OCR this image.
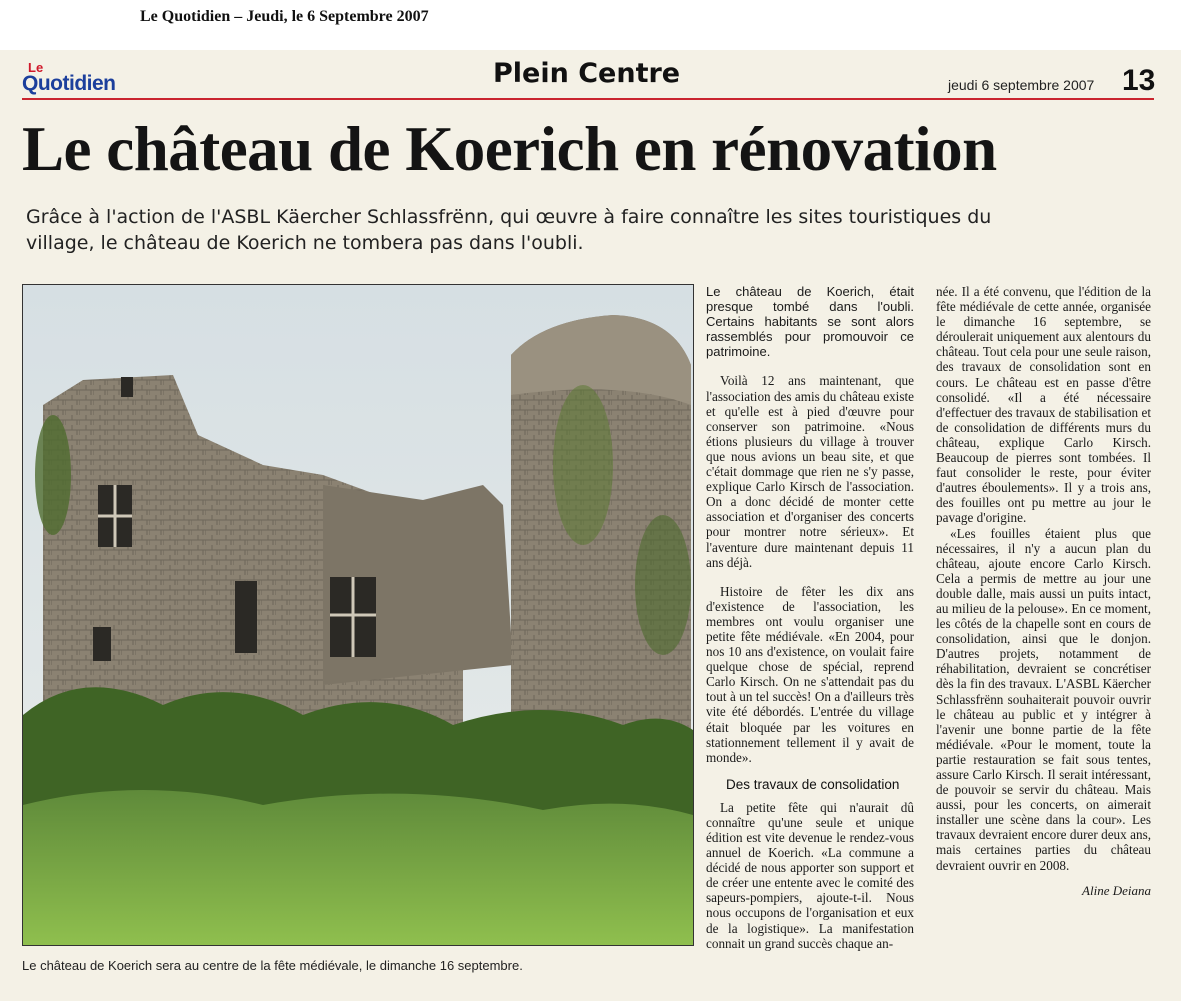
Le Quotidien – Jeudi, le 6 Septembre 2007
Le
Quotidien	Plein Centre	jeudi 6 septembre 2007 13
Le château de Koerich en rénovation

Grâce à l'action de l'ASBL Käercher Schlassfrënn, qui œuvre à faire connaître les sites touristiques du village, le château de Koerich ne tombera pas dans l'oubli.

Le château de Koerich sera au centre de la fête médiévale, le dimanche 16 septembre.

Le château de Koerich, était presque tombé dans l'oubli. Certains habitants se sont alors rassemblés pour promouvoir ce patrimoine.

Voilà 12 ans maintenant, que l'association des amis du château existe et qu'elle est à pied d'œuvre pour conserver son patrimoine. «Nous étions plusieurs du village à trouver que nous avions un beau site, et que c'était dommage que rien ne s'y passe, explique Carlo Kirsch de l'association. On a donc décidé de monter cette association et d'organiser des concerts pour montrer notre sérieux». Et l'aventure dure maintenant depuis 11 ans déjà.

Histoire de fêter les dix ans d'existence de l'association, les membres ont voulu organiser une petite fête médiévale. «En 2004, pour nos 10 ans d'existence, on voulait faire quelque chose de spécial, reprend Carlo Kirsch. On ne s'attendait pas du tout à un tel succès! On a d'ailleurs très vite été débordés. L'entrée du village était bloquée par les voitures en stationnement tellement il y avait de monde».

Des travaux de consolidation

La petite fête qui n'aurait dû connaître qu'une seule et unique édition est vite devenue le rendez-vous annuel de Koerich. «La commune a décidé de nous apporter son support et de créer une entente avec le comité des sapeurs-pompiers, ajoute-t-il. Nous nous occupons de l'organisation et eux de la logistique». La manifestation connait un grand succès chaque an-

née. Il a été convenu, que l'édition de la fête médiévale de cette année, organisée le dimanche 16 septembre, se déroulerait uniquement aux alentours du château. Tout cela pour une seule raison, des travaux de consolidation sont en cours. Le château est en passe d'être consolidé. «Il a été nécessaire d'effectuer des travaux de stabilisation et de consolidation de différents murs du château, explique Carlo Kirsch. Beaucoup de pierres sont tombées. Il faut consolider le reste, pour éviter d'autres éboulements». Il y a trois ans, des fouilles ont pu mettre au jour le pavage d'origine.

«Les fouilles étaient plus que nécessaires, il n'y a aucun plan du château, ajoute encore Carlo Kirsch. Cela a permis de mettre au jour une double dalle, mais aussi un puits intact, au milieu de la pelouse». En ce moment, les côtés de la chapelle sont en cours de consolidation, ainsi que le donjon. D'autres projets, notamment de réhabilitation, devraient se concrétiser dès la fin des travaux. L'ASBL Käercher Schlassfrënn souhaiterait pouvoir ouvrir le château au public et y intégrer à l'avenir une bonne partie de la fête médiévale. «Pour le moment, toute la partie restauration se fait sous tentes, assure Carlo Kirsch. Il serait intéressant, de pouvoir se servir du château. Mais aussi, pour les concerts, on aimerait installer une scène dans la cour». Les travaux devraient encore durer deux ans, mais certaines parties du château devraient ouvrir en 2008.

Aline Deiana
